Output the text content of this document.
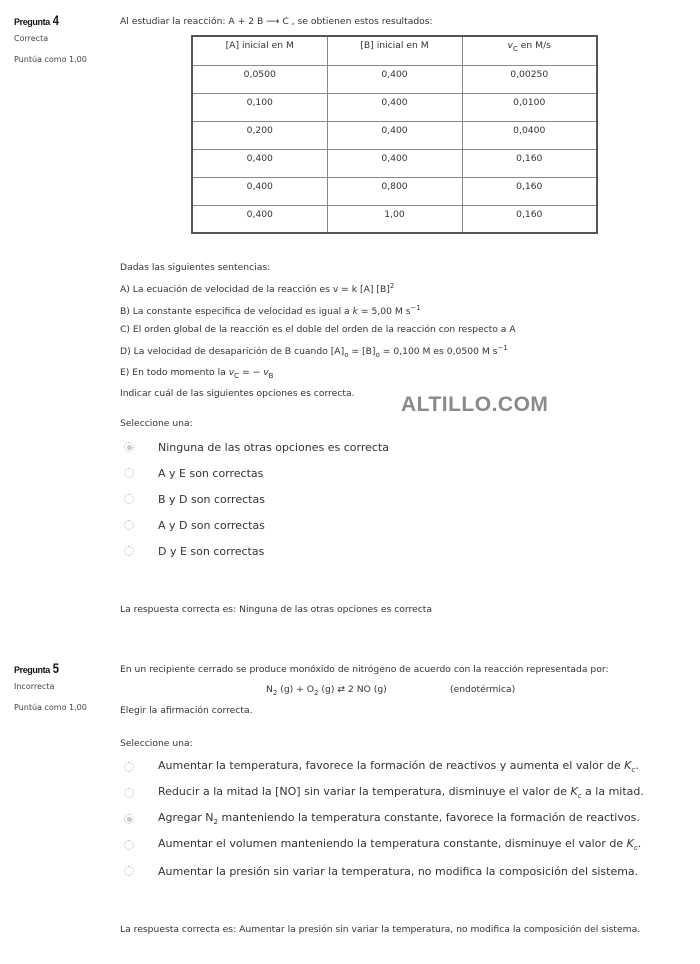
Pregunta 4
Correcta
Puntúa como 1,00
Al estudiar la reacción: A + 2 B ⟶ C , se obtienen estos resultados:
[A] inicial en M	[B] inicial en M	$v_C$ en M/s
0,0500	0,400	0,00250
0,100	0,400	0,0100
0,200	0,400	0,0400
0,400	0,400	0,160
0,400	0,800	0,160
0,400	1,00	0,160
Dadas las siguientes sentencias:
A) La ecuación de velocidad de la reacción es v = k [A] $[B]^2$
B) La constante especifica de velocidad es igual a k = 5,00 M $s^{-1}$
C) El orden global de la reacción es el doble del orden de la reacción con respecto a A
D) La velocidad de desaparición de B cuando $[A]_o = [B]_o = 0,100$ M es 0,0500 M $s^{-1}$
E) En todo momento la $v_C$ = − $v_B$
Indicar cuál de las siguientes opciones es correcta.	ALTILLO.COM
Seleccione una:
Ninguna de las otras opciones es correcta
A y E son correctas
B y D son correctas
A y D son correctas
D y E son correctas
La respuesta correcta es: Ninguna de las otras opciones es correcta
Pregunta 5
Incorrecta
Puntúa como 1,00
En un recipiente cerrado se produce monóxido de nitrógeno de acuerdo con la reacción representada por:
$N_2$ $(g) + O_2$ (g) ⇄ 2 NO (g)	(endotérmica)
Elegir la afirmación correcta.
Seleccione una:
Aumentar la temperatura, favorece la formación de reactivos y aumenta el valor de $K_c$.
Reducir a la mitad la [NO] sin variar la temperatura, disminuye el valor de $K_c$ a la mitad.
Agregar $N_2$ manteniendo la temperatura constante, favorece la formación de reactivos.
Aumentar el volumen manteniendo la temperatura constante, disminuye el valor de $K_c$.
Aumentar la presión sin variar la temperatura, no modifica la composición del sistema.
La respuesta correcta es: Aumentar la presión sin variar la temperatura, no modifica la composición del sistema.
